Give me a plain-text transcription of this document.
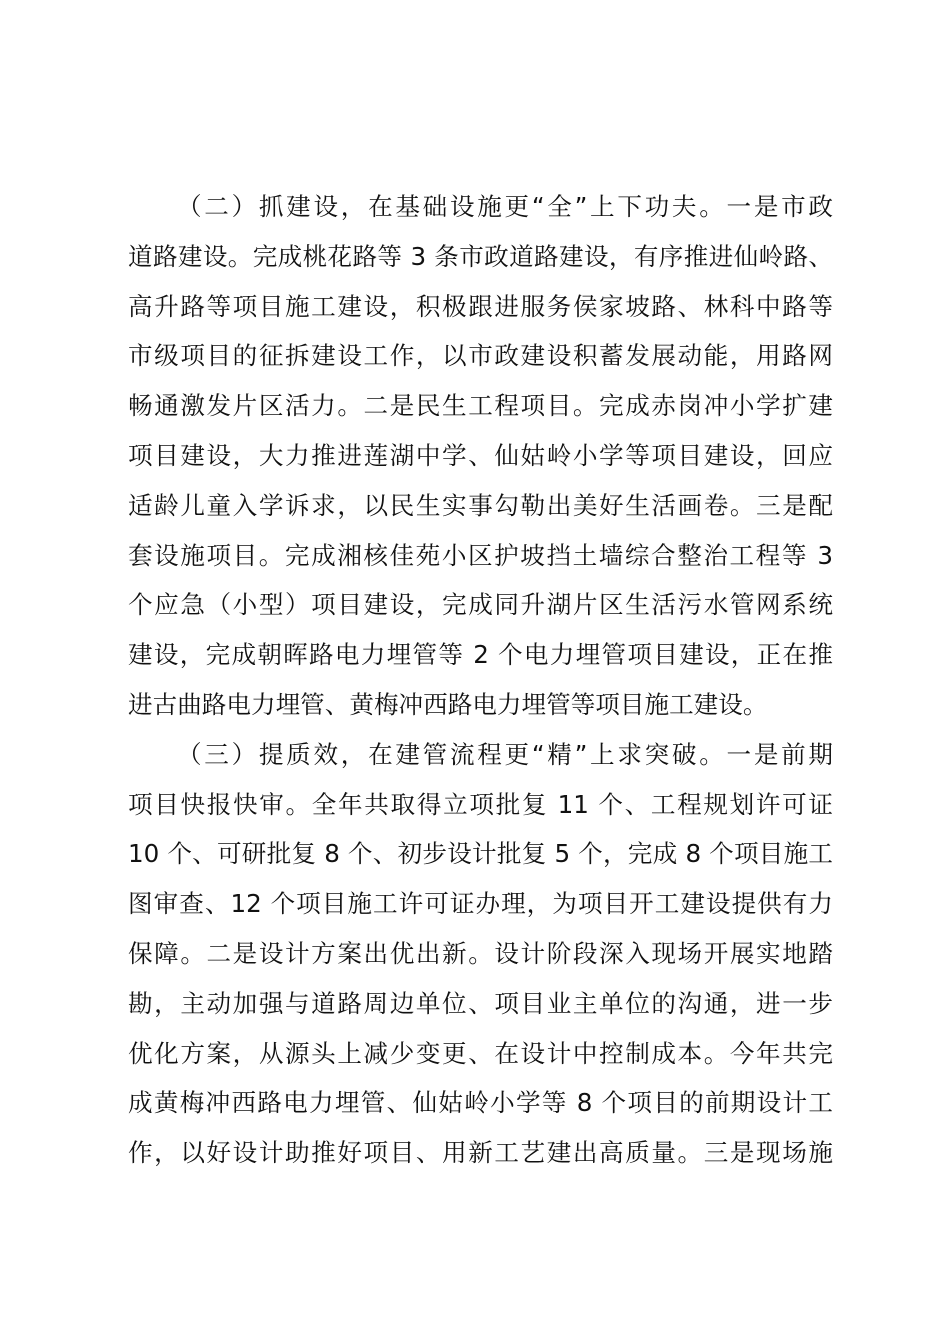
（二）抓建设，在基础设施更“全”上下功夫。一是市政
道路建设。完成桃花路等 3 条市政道路建设，有序推进仙岭路、
高升路等项目施工建设，积极跟进服务侯家坡路、林科中路等
市级项目的征拆建设工作，以市政建设积蓄发展动能，用路网
畅通激发片区活力。二是民生工程项目。完成赤岗冲小学扩建
项目建设，大力推进莲湖中学、仙姑岭小学等项目建设，回应
适龄儿童入学诉求，以民生实事勾勒出美好生活画卷。三是配
套设施项目。完成湘核佳苑小区护坡挡土墙综合整治工程等 3
个应急（小型）项目建设，完成同升湖片区生活污水管网系统
建设，完成朝晖路电力埋管等 2 个电力埋管项目建设，正在推
进古曲路电力埋管、黄梅冲西路电力埋管等项目施工建设。

（三）提质效，在建管流程更“精”上求突破。一是前期
项目快报快审。全年共取得立项批复 11 个、工程规划许可证
10 个、可研批复 8 个、初步设计批复 5 个，完成 8 个项目施工
图审查、12 个项目施工许可证办理，为项目开工建设提供有力
保障。二是设计方案出优出新。设计阶段深入现场开展实地踏
勘，主动加强与道路周边单位、项目业主单位的沟通，进一步
优化方案，从源头上减少变更、在设计中控制成本。今年共完
成黄梅冲西路电力埋管、仙姑岭小学等 8 个项目的前期设计工
作，以好设计助推好项目、用新工艺建出高质量。三是现场施
